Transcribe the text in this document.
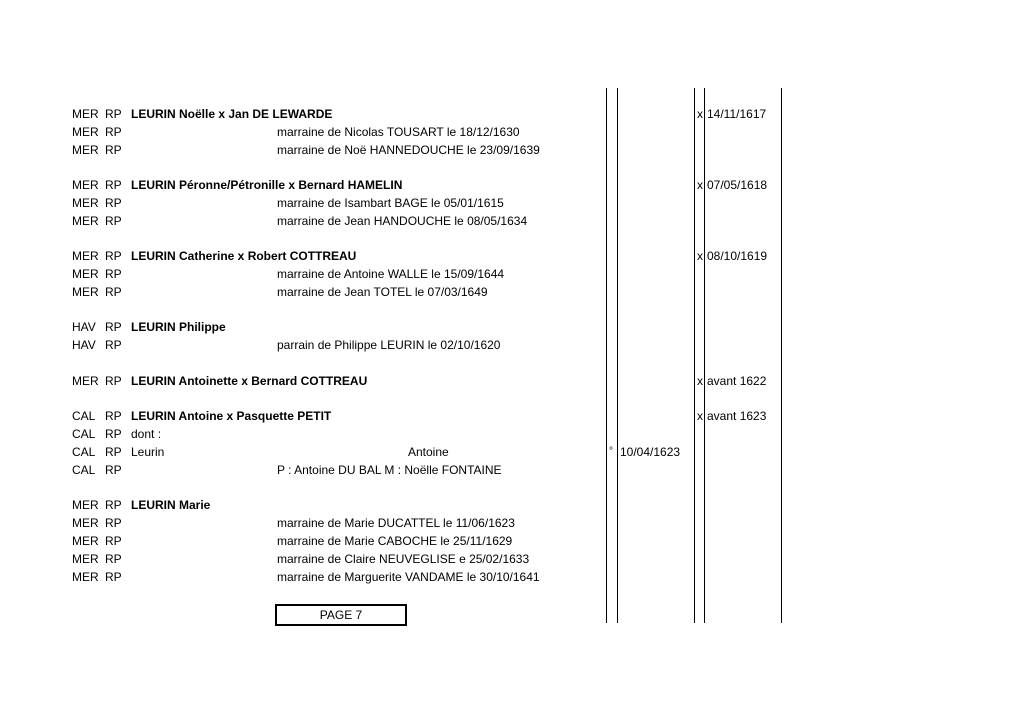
MER RP LEURIN Noëlle x Jan DE LEWARDE	x 14/11/1617
MER RP	marraine de Nicolas TOUSART le 18/12/1630
MER RP	marraine de Noë HANNEDOUCHE le 23/09/1639
MER RP LEURIN Péronne/Pétronille x Bernard HAMELIN	x 07/05/1618
MER RP	marraine de Isambart BAGE le 05/01/1615
MER RP	marraine de Jean HANDOUCHE le 08/05/1634
MER RP LEURIN Catherine x Robert COTTREAU	x 08/10/1619
MER RP	marraine de Antoine WALLE le 15/09/1644
MER RP	marraine de Jean TOTEL le 07/03/1649
HAV RP LEURIN Philippe
HAV RP	parrain de Philippe LEURIN le 02/10/1620
MER RP LEURIN Antoinette x Bernard COTTREAU	x avant 1622
CAL RP LEURIN Antoine x Pasquette PETIT	x avant 1623
CAL RP dont :
CAL RP Leurin	Antoine	° 10/04/1623
CAL RP	P : Antoine DU BAL M : Noëlle FONTAINE
MER RP LEURIN Marie
MER RP	marraine de Marie DUCATTEL le 11/06/1623
MER RP	marraine de Marie CABOCHE le 25/11/1629
MER RP	marraine de Claire NEUVEGLISE e 25/02/1633
MER RP	marraine de Marguerite VANDAME le 30/10/1641
PAGE 7
